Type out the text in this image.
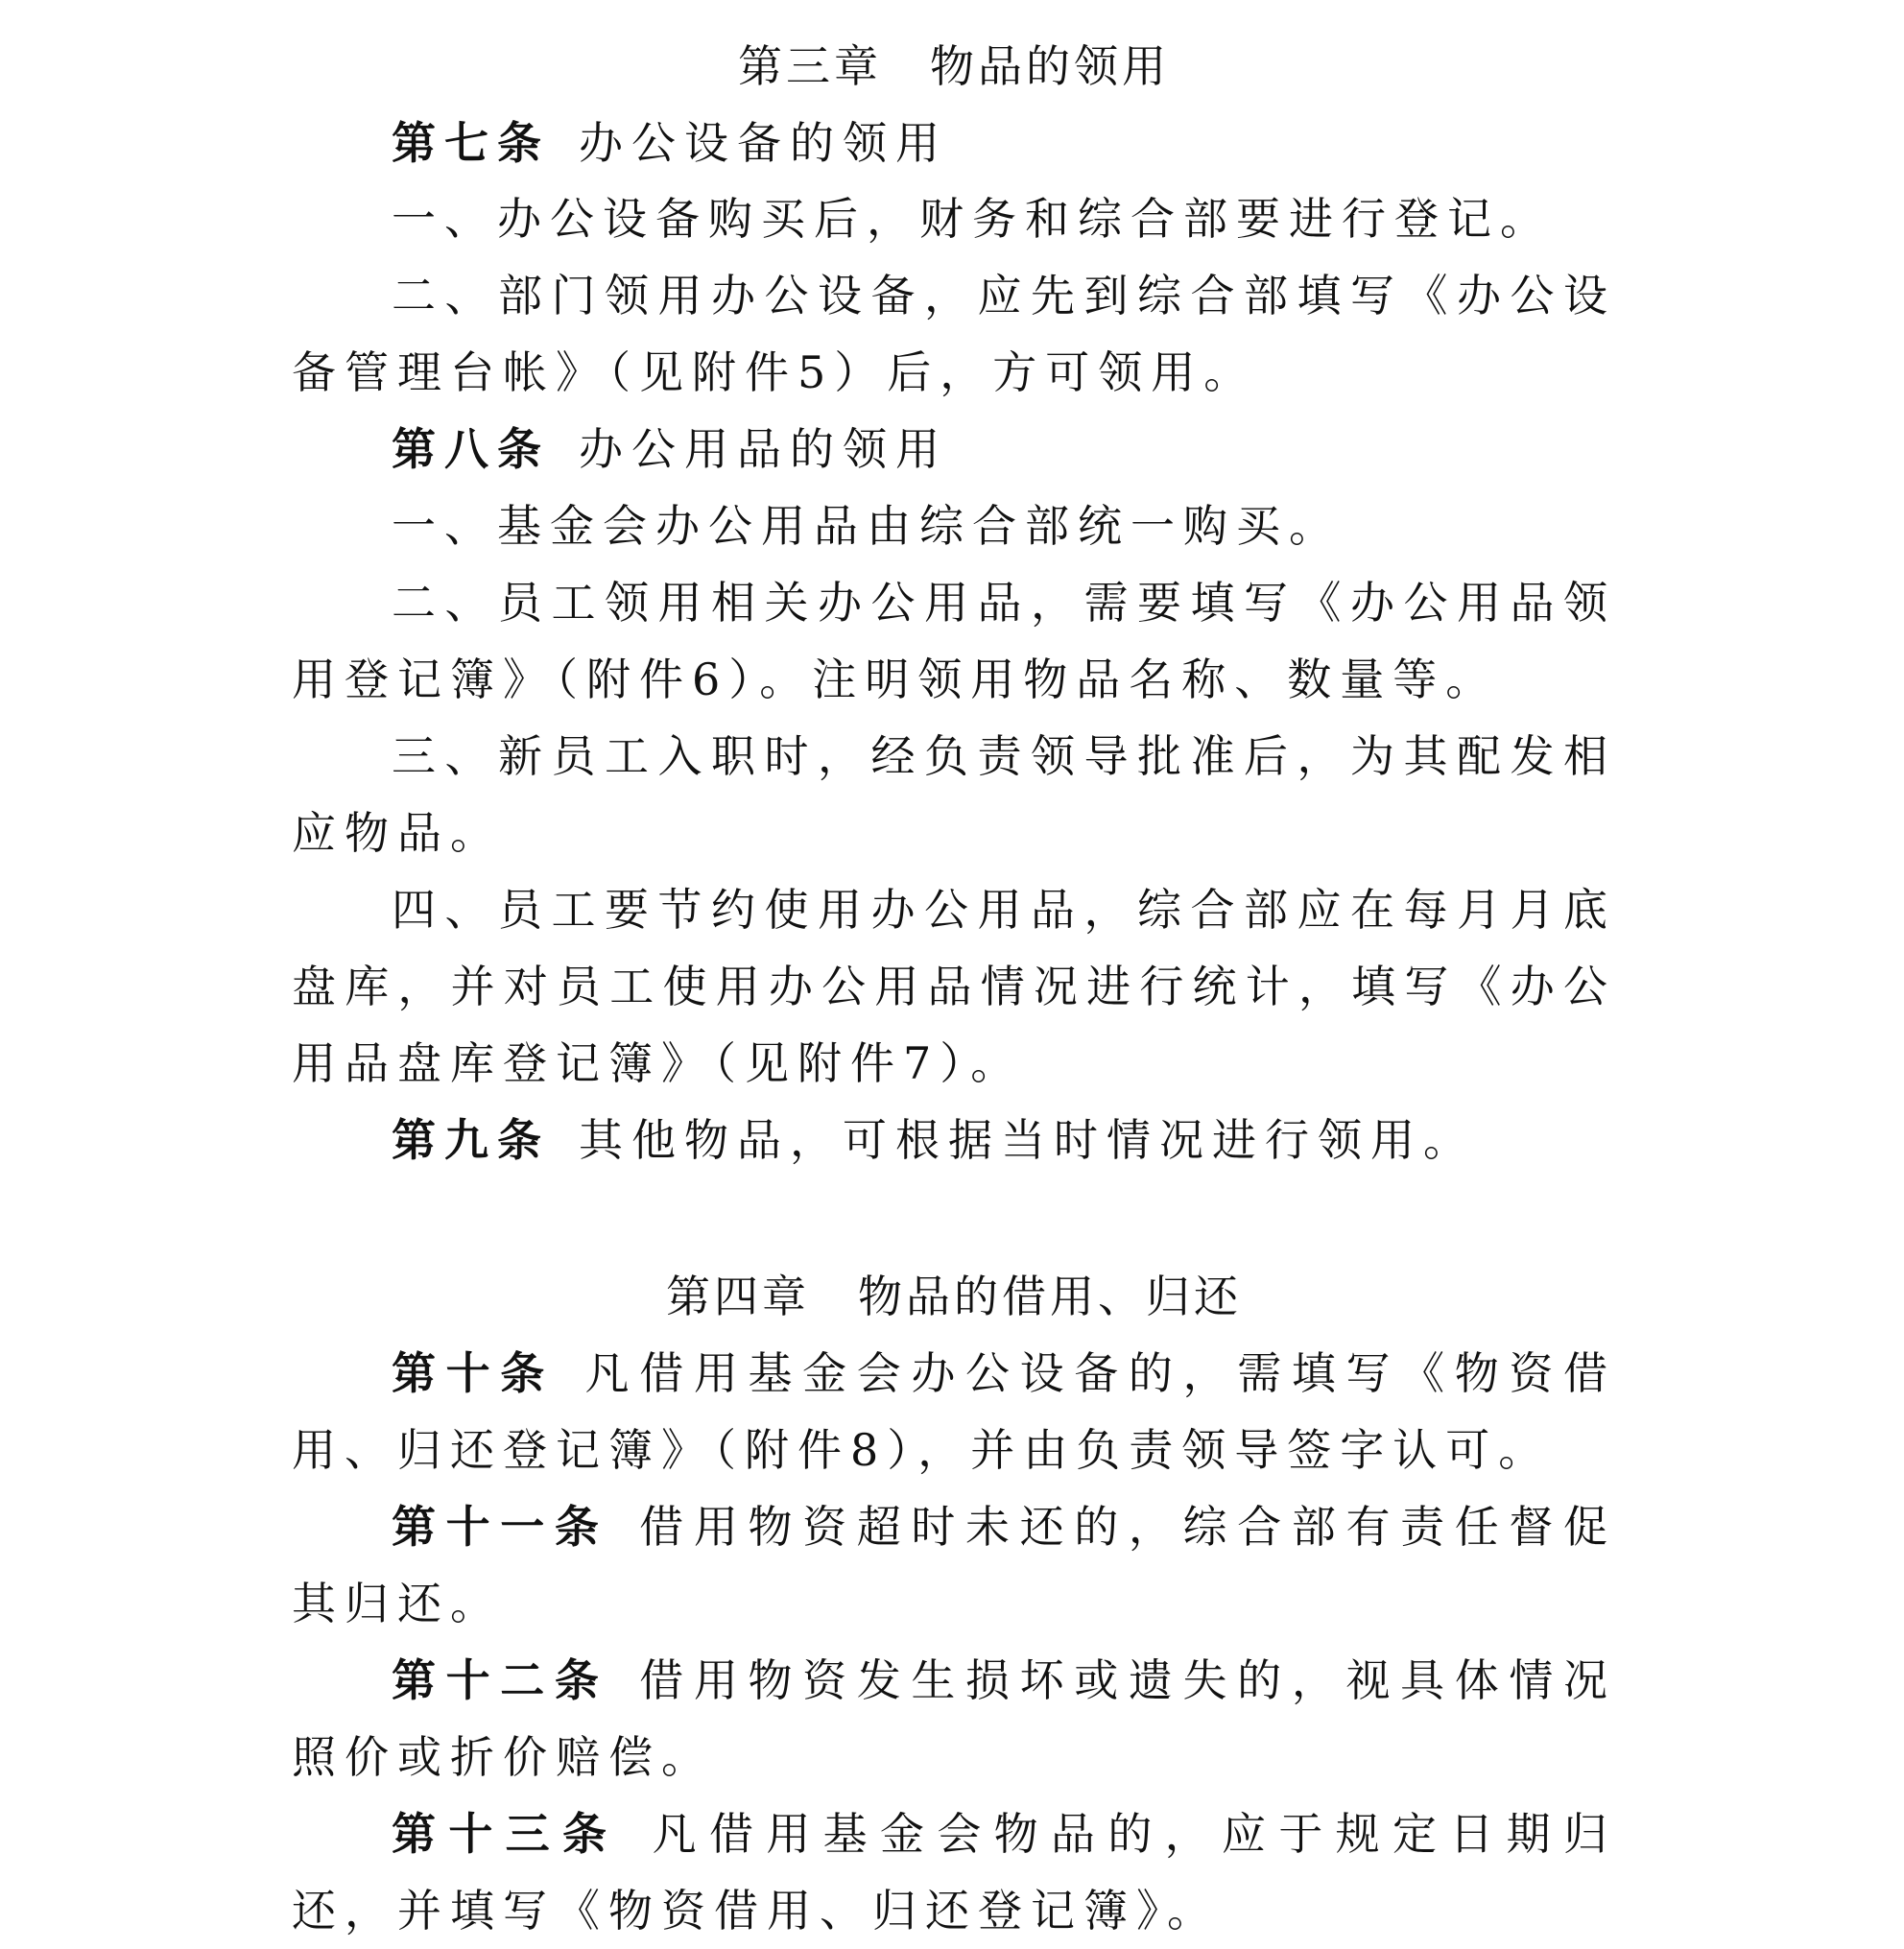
第三章　物品的领用
第七条 办公设备的领用
一、办公设备购买后，财务和综合部要进行登记。
二、部门领用办公设备，应先到综合部填写《办公设备管理台帐》（见附件5）后，方可领用。
第八条 办公用品的领用
一、基金会办公用品由综合部统一购买。
二、员工领用相关办公用品，需要填写《办公用品领用登记簿》（附件6）。注明领用物品名称、数量等。
三、新员工入职时，经负责领导批准后，为其配发相应物品。
四、员工要节约使用办公用品，综合部应在每月月底盘库，并对员工使用办公用品情况进行统计，填写《办公用品盘库登记簿》（见附件7）。
第九条 其他物品，可根据当时情况进行领用。
第四章　物品的借用、归还
第十条 凡借用基金会办公设备的，需填写《物资借用、归还登记簿》（附件8），并由负责领导签字认可。
第十一条 借用物资超时未还的，综合部有责任督促其归还。
第十二条 借用物资发生损坏或遗失的，视具体情况照价或折价赔偿。
第十三条 凡借用基金会物品的，应于规定日期归还，并填写《物资借用、归还登记簿》。
